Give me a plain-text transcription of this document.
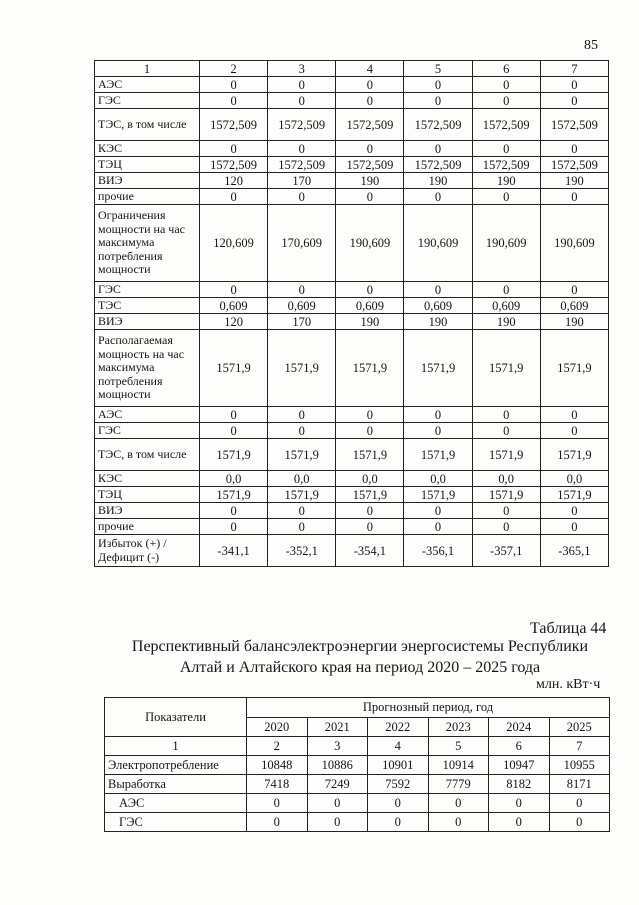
85
1	2	3	4	5	6	7
АЭС	0	0	0	0	0	0
ГЭС	0	0	0	0	0	0
ТЭС, в том числе	1572,509	1572,509	1572,509	1572,509	1572,509	1572,509
КЭС	0	0	0	0	0	0
ТЭЦ	1572,509	1572,509	1572,509	1572,509	1572,509	1572,509
ВИЭ	120	170	190	190	190	190
прочие	0	0	0	0	0	0
Ограничения мощности на час максимума потребления мощности	120,609	170,609	190,609	190,609	190,609	190,609
ГЭС	0	0	0	0	0	0
ТЭС	0,609	0,609	0,609	0,609	0,609	0,609
ВИЭ	120	170	190	190	190	190
Располагаемая мощность на час максимума потребления мощности	1571,9	1571,9	1571,9	1571,9	1571,9	1571,9
АЭС	0	0	0	0	0	0
ГЭС	0	0	0	0	0	0
ТЭС, в том числе	1571,9	1571,9	1571,9	1571,9	1571,9	1571,9
КЭС	0,0	0,0	0,0	0,0	0,0	0,0
ТЭЦ	1571,9	1571,9	1571,9	1571,9	1571,9	1571,9
ВИЭ	0	0	0	0	0	0
прочие	0	0	0	0	0	0
Избыток (+) / Дефицит (-)	-341,1	-352,1	-354,1	-356,1	-357,1	-365,1
Таблица 44
Перспективный балансэлектроэнергии энергосистемы Республики Алтай и Алтайского края на период 2020 – 2025 года
млн. кВт·ч
Показатели	Прогнозный период, год					
	2020	2021	2022	2023	2024	2025
1	2	3	4	5	6	7
Электропотребление	10848	10886	10901	10914	10947	10955
Выработка	7418	7249	7592	7779	8182	8171
АЭС	0	0	0	0	0	0
ГЭС	0	0	0	0	0	0
